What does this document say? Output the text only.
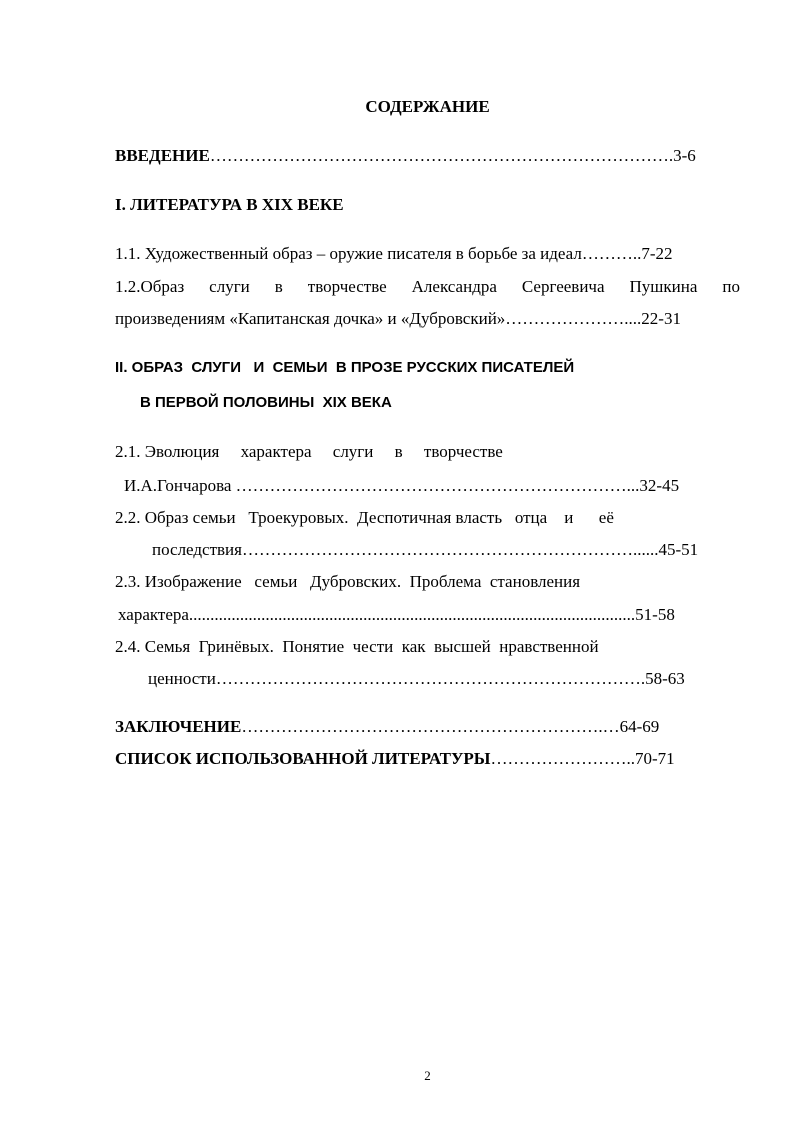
СОДЕРЖАНИЕ
ВВЕДЕНИЕ……………………………………………………………………….3-6
I. ЛИТЕРАТУРА В XIX ВЕКЕ
1.1. Художественный образ – оружие писателя в борьбе за идеал………..7-22
1.2.Образ слуги в творчестве Александра Сергеевича Пушкина по
произведениям «Капитанская дочка» и «Дубровский»…………………....22-31
II. ОБРАЗ  СЛУГИ   И  СЕМЬИ  В ПРОЗЕ РУССКИХ ПИСАТЕЛЕЙ
В ПЕРВОЙ ПОЛОВИНЫ  XIX ВЕКА
2.1. Эволюция     характера     слуги     в     творчестве
И.А.Гончарова ……………………………………………………………...32-45
2.2. Образ семьи   Троекуровых.  Деспотичная власть   отца    и      её
последствия……………………………………………………………......45-51
2.3. Изображение   семьи   Дубровских.  Проблема  становления
характера.........................................................................................................51-58
2.4. Семья  Гринёвых.  Понятие  чести  как  высшей  нравственной
ценности………………………………………………………………….58-63
ЗАКЛЮЧЕНИЕ……………………………………………………….…64-69
СПИСОК ИСПОЛЬЗОВАННОЙ ЛИТЕРАТУРЫ……………………..70-71
2
